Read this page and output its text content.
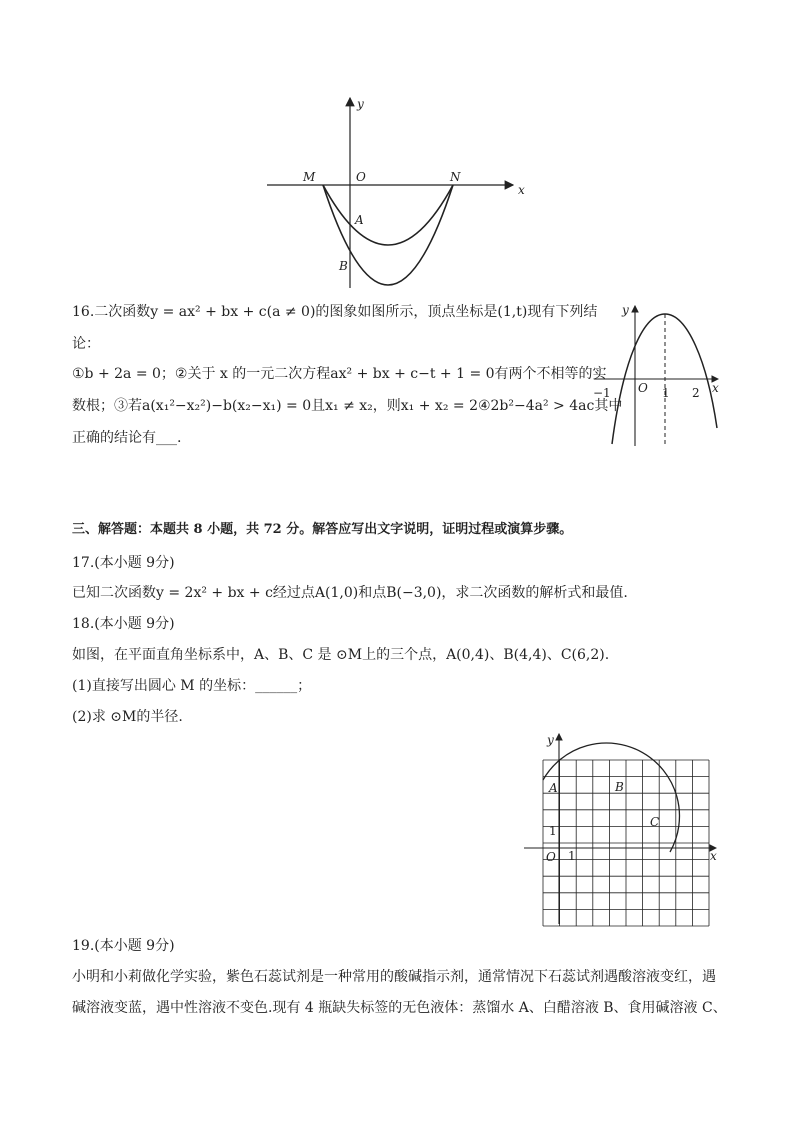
y
x
M	O	N
A
B
16.二次函数y = ax² + bx + c(a ≠ 0)的图象如图所示，顶点坐标是(1,t)现有下列结
论：
①b + 2a = 0；②关于 x 的一元二次方程ax² + bx + c−t + 1 = 0有两个不相等的实
数根；③若a(x₁²−x₂²)−b(x₂−x₁) = 0且x₁ ≠ x₂，则x₁ + x₂ = 2④2b²−4a² > 4ac其中
正确的结论有___.
y
x
O
−1	1 2
三、解答题：本题共 8 小题，共 72 分。解答应写出文字说明，证明过程或演算步骤。
17.(本小题 9分)
已知二次函数y = 2x² + bx + c经过点A(1,0)和点B(−3,0)，求二次函数的解析式和最值.
18.(本小题 9分)
如图，在平面直角坐标系中，A、B、C 是 ⊙M上的三个点，A(0,4)、B(4,4)、C(6,2).
(1)直接写出圆心 M 的坐标：______；
(2)求 ⊙M的半径.
y
x
A	B
C
O 1
1
19.(本小题 9分)
小明和小莉做化学实验，紫色石蕊试剂是一种常用的酸碱指示剂，通常情况下石蕊试剂遇酸溶液变红，遇
碱溶液变蓝，遇中性溶液不变色.现有 4 瓶缺失标签的无色液体：蒸馏水 A、白醋溶液 B、食用碱溶液 C、
